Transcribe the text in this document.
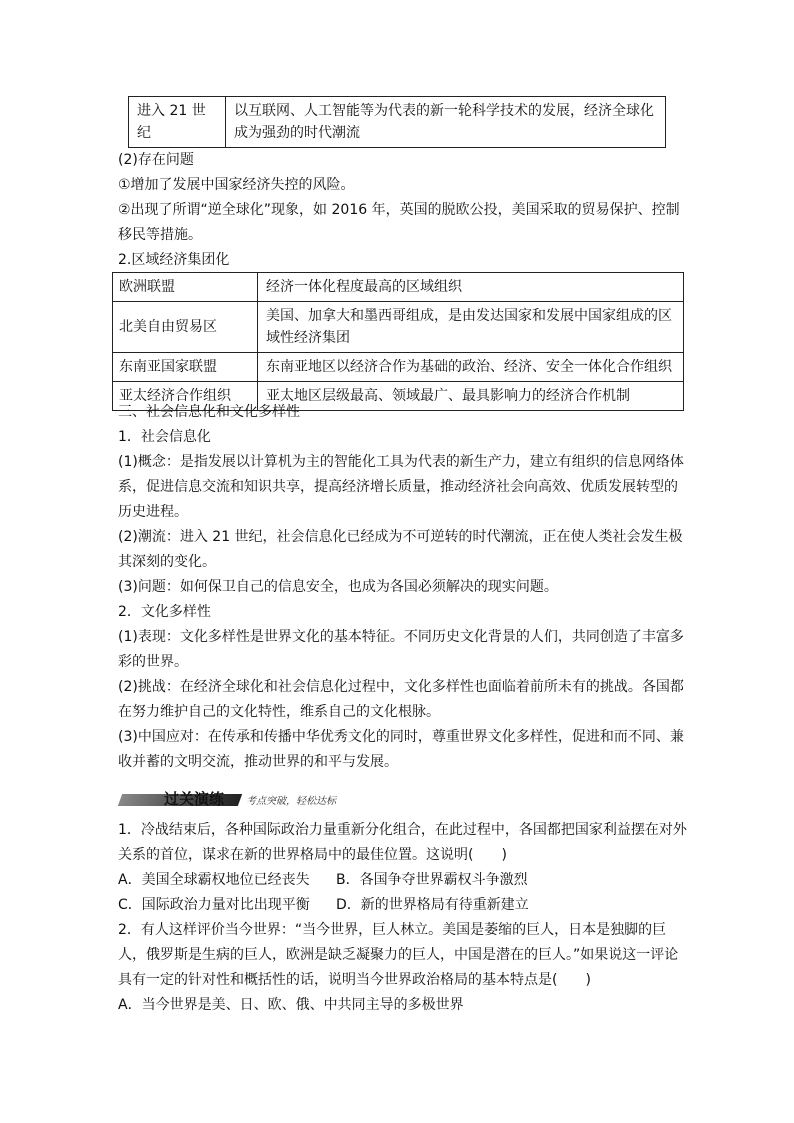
进入 21 世纪	以互联网、人工智能等为代表的新一轮科学技术的发展，经济全球化成为强劲的时代潮流
(2)存在问题
①增加了发展中国家经济失控的风险。
②出现了所谓“逆全球化”现象，如 2016 年，英国的脱欧公投，美国采取的贸易保护、控制
移民等措施。
2.区域经济集团化
欧洲联盟	经济一体化程度最高的区域组织
北美自由贸易区	美国、加拿大和墨西哥组成，是由发达国家和发展中国家组成的区域性经济集团
东南亚国家联盟	东南亚地区以经济合作为基础的政治、经济、安全一体化合作组织
亚太经济合作组织	亚太地区层级最高、领域最广、最具影响力的经济合作机制
三、社会信息化和文化多样性
1．社会信息化
(1)概念：是指发展以计算机为主的智能化工具为代表的新生产力，建立有组织的信息网络体系，促进信息交流和知识共享，提高经济增长质量，推动经济社会向高效、优质发展转型的历史进程。
(2)潮流：进入 21 世纪，社会信息化已经成为不可逆转的时代潮流，正在使人类社会发生极其深刻的变化。
(3)问题：如何保卫自己的信息安全，也成为各国必须解决的现实问题。
2．文化多样性
(1)表现：文化多样性是世界文化的基本特征。不同历史文化背景的人们，共同创造了丰富多彩的世界。
(2)挑战：在经济全球化和社会信息化过程中，文化多样性也面临着前所未有的挑战。各国都在努力维护自己的文化特性，维系自己的文化根脉。
(3)中国应对：在传承和传播中华优秀文化的同时，尊重世界文化多样性，促进和而不同、兼收并蓄的文明交流，推动世界的和平与发展。
过关演练 考点突破，轻松达标
1．冷战结束后，各种国际政治力量重新分化组合，在此过程中，各国都把国家利益摆在对外关系的首位，谋求在新的世界格局中的最佳位置。这说明(　　)
A．美国全球霸权地位已经丧失	B．各国争夺世界霸权斗争激烈
C．国际政治力量对比出现平衡	D．新的世界格局有待重新建立
2．有人这样评价当今世界：“当今世界，巨人林立。美国是萎缩的巨人，日本是独脚的巨人，俄罗斯是生病的巨人，欧洲是缺乏凝聚力的巨人，中国是潜在的巨人。”如果说这一评论具有一定的针对性和概括性的话，说明当今世界政治格局的基本特点是(　　)
A．当今世界是美、日、欧、俄、中共同主导的多极世界
